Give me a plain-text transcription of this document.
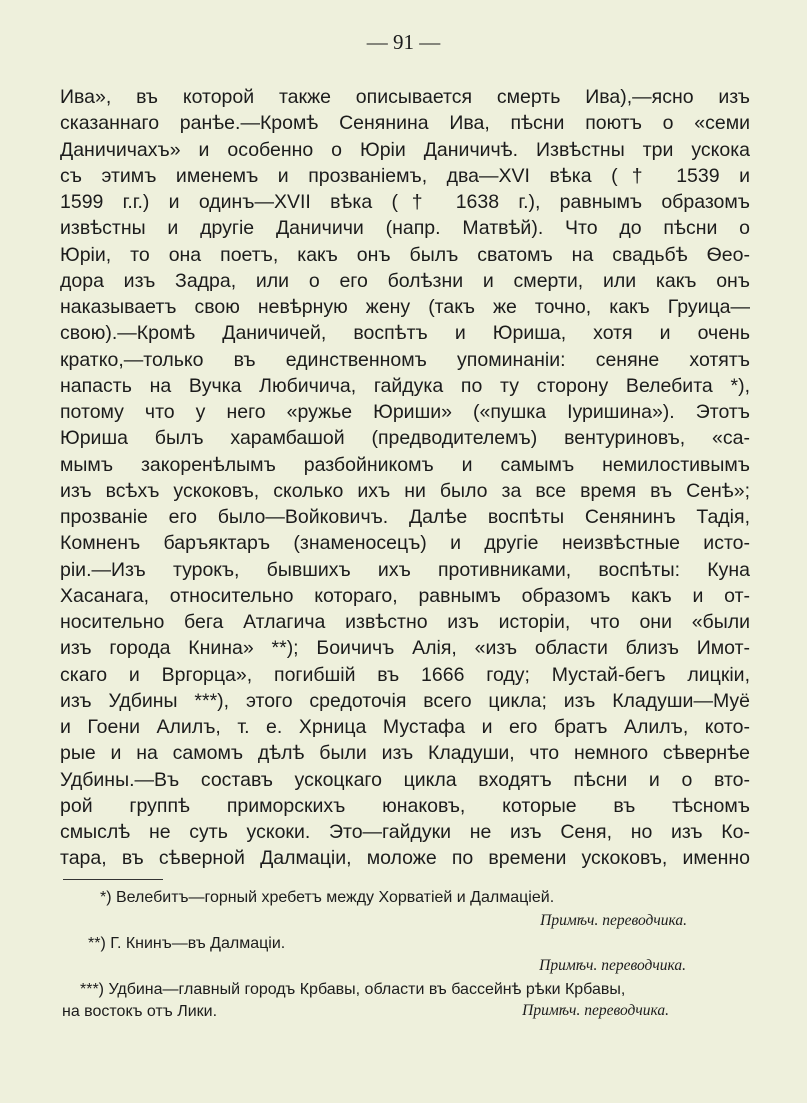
— 91 —
Ива», въ которой также описывается смерть Ива),—ясно изъ
сказаннаго ранѣе.—Кромѣ Сенянина Ива, пѣсни поютъ о «семи
Даничичахъ» и особенно о Юріи Даничичѣ. Извѣстны три ускока
съ этимъ именемъ и прозваніемъ, два—XVI вѣка († 1539 и
1599 г.г.) и одинъ—XVII вѣка († 1638 г.), равнымъ образомъ
извѣстны и другіе Даничичи (напр. Матвѣй). Что до пѣсни о
Юріи, то она поетъ, какъ онъ былъ сватомъ на свадьбѣ Ѳео-
дора изъ Задра, или о его болѣзни и смерти, или какъ онъ
наказываетъ свою невѣрную жену (такъ же точно, какъ Груица—
свою).—Кромѣ Даничичей, воспѣтъ и Юриша, хотя и очень
кратко,—только въ единственномъ упоминаніи: сеняне хотятъ
напасть на Вучка Любичича, гайдука по ту сторону Велебита *),
потому что у него «ружье Юриши» («пушка Іуришина»). Этотъ
Юриша былъ харамбашой (предводителемъ) вентуриновъ, «са-
мымъ закоренѣлымъ разбойникомъ и самымъ немилостивымъ
изъ всѣхъ ускоковъ, сколько ихъ ни было за все время въ Сенѣ»;
прозваніе его было—Войковичъ. Далѣе воспѣты Сенянинъ Тадія,
Комненъ баръяктаръ (знаменосецъ) и другіе неизвѣстные исто-
ріи.—Изъ турокъ, бывшихъ ихъ противниками, воспѣты: Куна
Хасанага, относительно котораго, равнымъ образомъ какъ и от-
носительно бега Атлагича извѣстно изъ исторіи, что они «были
изъ города Книна» **); Боичичъ Алія, «изъ области близъ Имот-
скаго и Вргорца», погибшій въ 1666 году; Мустай-бегъ лицкіи,
изъ Удбины ***), этого средоточія всего цикла; изъ Кладуши—Муё
и Гоени Алилъ, т. е. Хрница Мустафа и его братъ Алилъ, кото-
рые и на самомъ дѣлѣ были изъ Кладуши, что немного сѣвернѣе
Удбины.—Въ составъ ускоцкаго цикла входятъ пѣсни и о вто-
рой группѣ приморскихъ юнаковъ, которые въ тѣсномъ
смыслѣ не суть ускоки. Это—гайдуки не изъ Сеня, но изъ Ко-
тара, въ сѣверной Далмаціи, моложе по времени ускоковъ, именно
*) Велебитъ—горный хребетъ между Хорватіей и Далмаціей.
Примѣч. переводчика.
**) Г. Книнъ—въ Далмаціи.
Примѣч. переводчика.
***) Удбина—главный городъ Крбавы, области въ бассейнѣ рѣки Крбавы,
на востокъ отъ Лики.	Примѣч. переводчика.
